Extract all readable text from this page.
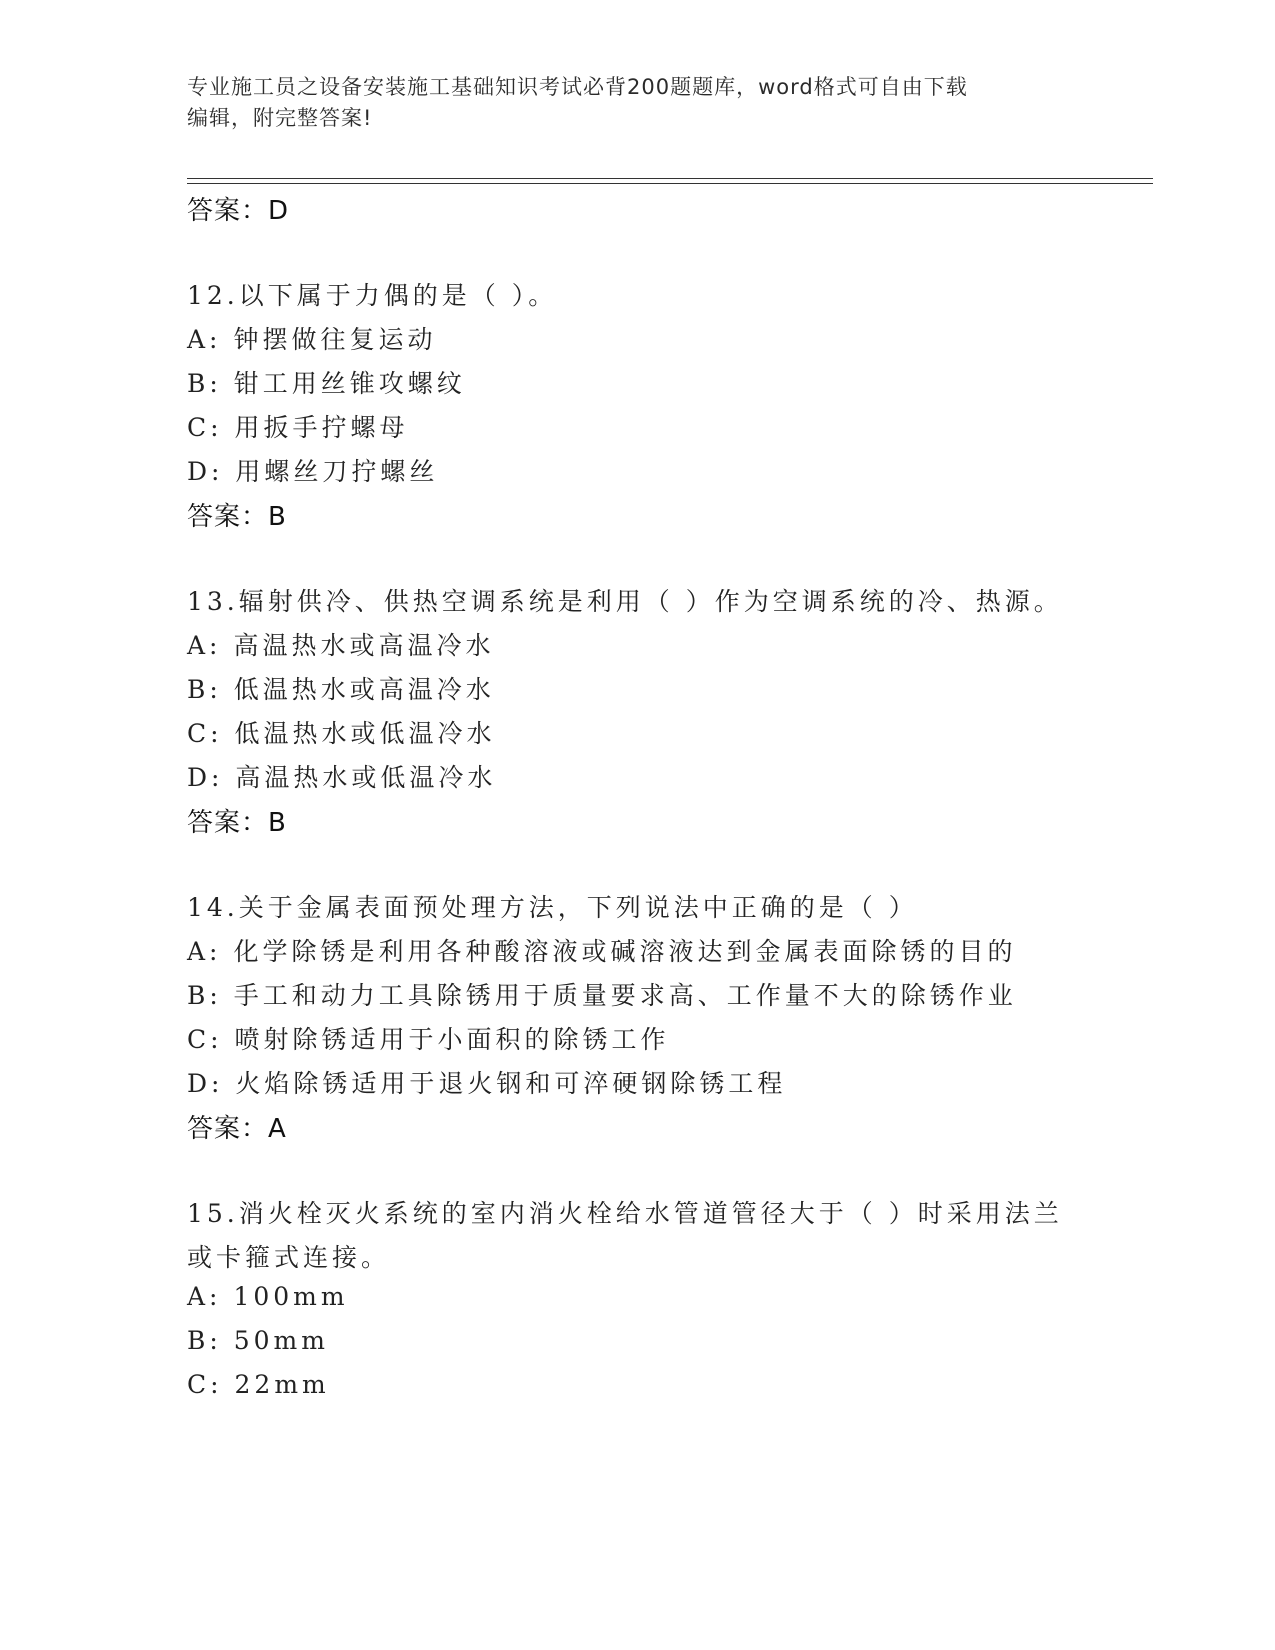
专业施工员之设备安装施工基础知识考试必背200题题库，word格式可自由下载
编辑，附完整答案!
答案：D
12.以下属于力偶的是（ ）。
A: 钟摆做往复运动
B: 钳工用丝锥攻螺纹
C: 用扳手拧螺母
D: 用螺丝刀拧螺丝
答案：B
13.辐射供冷、供热空调系统是利用（ ）作为空调系统的冷、热源。
A: 高温热水或高温冷水
B: 低温热水或高温冷水
C: 低温热水或低温冷水
D: 高温热水或低温冷水
答案：B
14.关于金属表面预处理方法，下列说法中正确的是（ ）
A: 化学除锈是利用各种酸溶液或碱溶液达到金属表面除锈的目的
B: 手工和动力工具除锈用于质量要求高、工作量不大的除锈作业
C: 喷射除锈适用于小面积的除锈工作
D: 火焰除锈适用于退火钢和可淬硬钢除锈工程
答案：A
15.消火栓灭火系统的室内消火栓给水管道管径大于（ ）时采用法兰
或卡箍式连接。
A: 100mm
B: 50mm
C: 22mm
